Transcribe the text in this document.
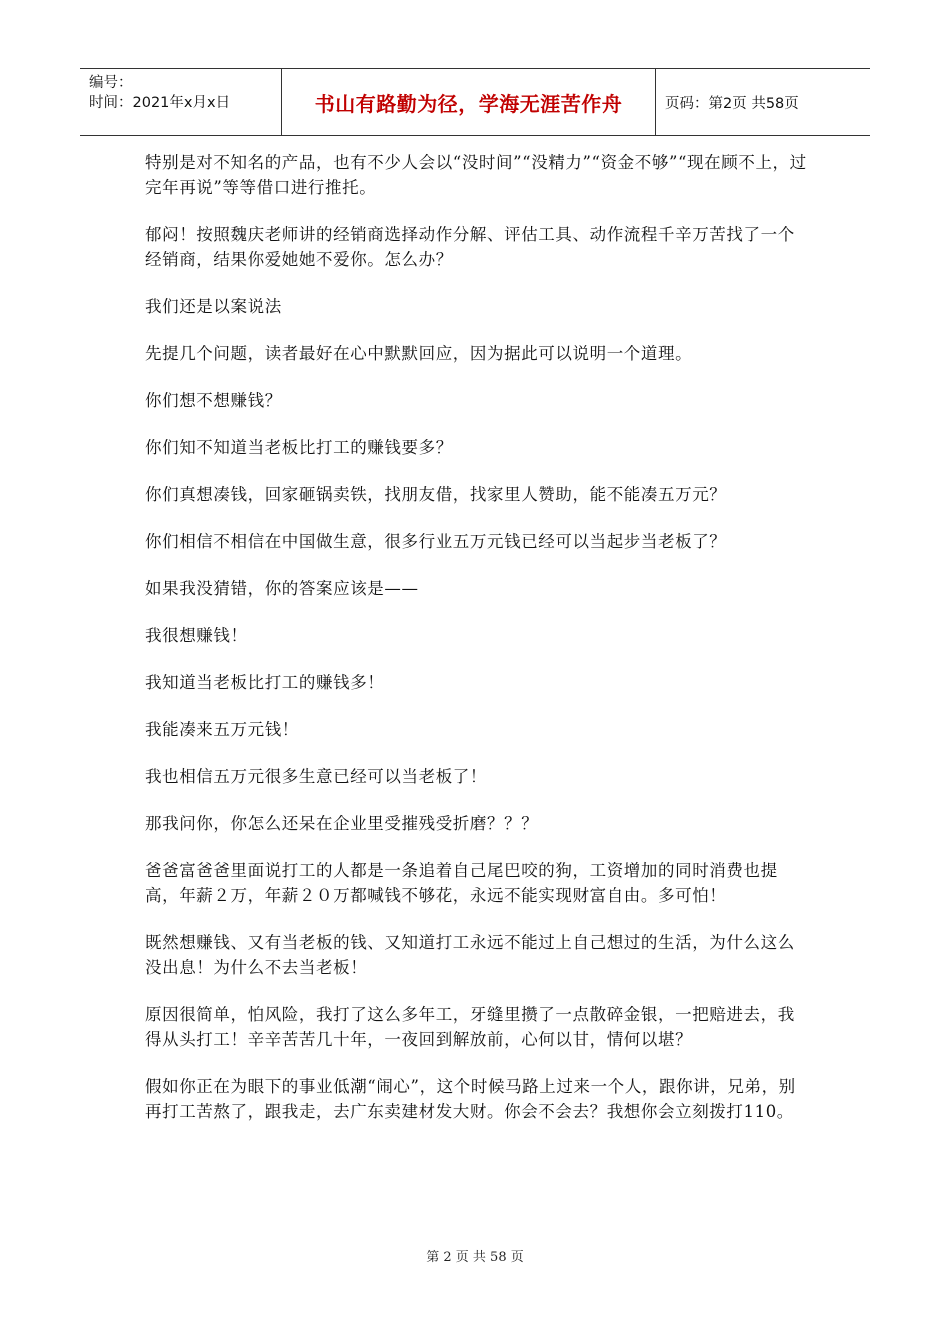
编号：
时间：2021年x月x日	书山有路勤为径，学海无涯苦作舟	页码：第2页 共58页

特别是对不知名的产品，也有不少人会以“没时间”“没精力”“资金不够”“现在顾不上，过完年再说”等等借口进行推托。

郁闷！按照魏庆老师讲的经销商选择动作分解、评估工具、动作流程千辛万苦找了一个经销商，结果你爱她她不爱你。怎么办？

我们还是以案说法

先提几个问题，读者最好在心中默默回应，因为据此可以说明一个道理。

你们想不想赚钱？

你们知不知道当老板比打工的赚钱要多？

你们真想凑钱，回家砸锅卖铁，找朋友借，找家里人赞助，能不能凑五万元？

你们相信不相信在中国做生意，很多行业五万元钱已经可以当起步当老板了？

如果我没猜错，你的答案应该是——

我很想赚钱！

我知道当老板比打工的赚钱多！

我能凑来五万元钱！

我也相信五万元很多生意已经可以当老板了！

那我问你，你怎么还呆在企业里受摧残受折磨？？？

爸爸富爸爸里面说打工的人都是一条追着自己尾巴咬的狗，工资增加的同时消费也提高，年薪２万，年薪２０万都喊钱不够花，永远不能实现财富自由。多可怕！

既然想赚钱、又有当老板的钱、又知道打工永远不能过上自己想过的生活，为什么这么没出息！为什么不去当老板！

原因很简单，怕风险，我打了这么多年工，牙缝里攒了一点散碎金银，一把赔进去，我得从头打工！辛辛苦苦几十年，一夜回到解放前，心何以甘，情何以堪？

假如你正在为眼下的事业低潮“闹心”，这个时候马路上过来一个人，跟你讲，兄弟，别再打工苦熬了，跟我走，去广东卖建材发大财。你会不会去？我想你会立刻拨打110。

第 2 页 共 58 页
